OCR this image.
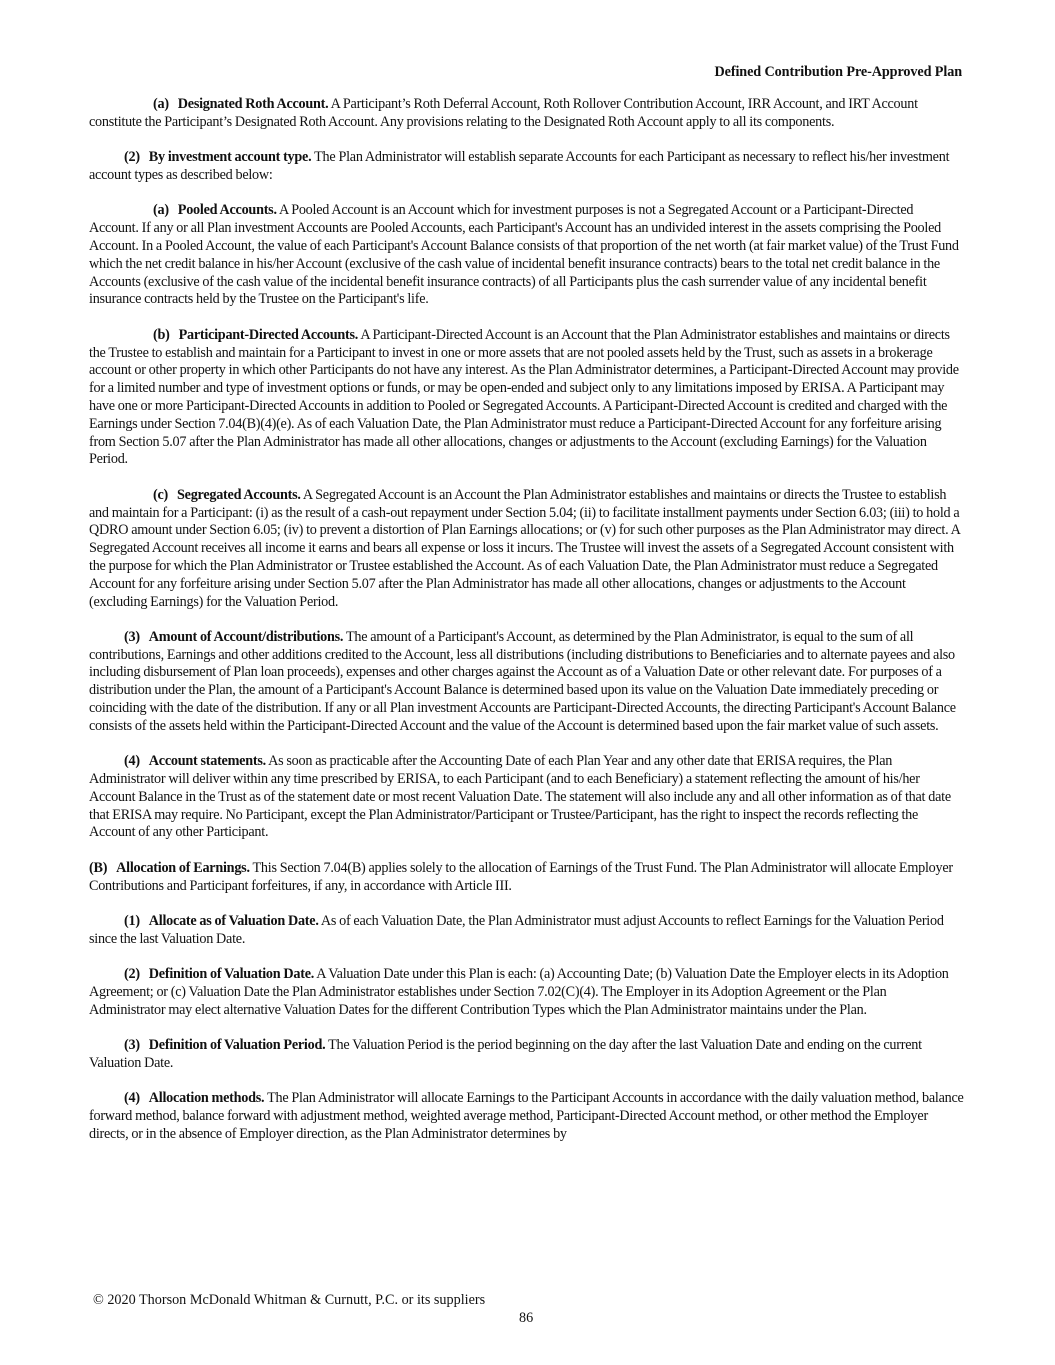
Defined Contribution Pre-Approved Plan

(a) Designated Roth Account. A Participant’s Roth Deferral Account, Roth Rollover Contribution Account, IRR Account, and IRT Account constitute the Participant’s Designated Roth Account. Any provisions relating to the Designated Roth Account apply to all its components.

(2) By investment account type. The Plan Administrator will establish separate Accounts for each Participant as necessary to reflect his/her investment account types as described below:

(a) Pooled Accounts. A Pooled Account is an Account which for investment purposes is not a Segregated Account or a Participant-Directed Account. If any or all Plan investment Accounts are Pooled Accounts, each Participant's Account has an undivided interest in the assets comprising the Pooled Account. In a Pooled Account, the value of each Participant's Account Balance consists of that proportion of the net worth (at fair market value) of the Trust Fund which the net credit balance in his/her Account (exclusive of the cash value of incidental benefit insurance contracts) bears to the total net credit balance in the Accounts (exclusive of the cash value of the incidental benefit insurance contracts) of all Participants plus the cash surrender value of any incidental benefit insurance contracts held by the Trustee on the Participant's life.

(b) Participant-Directed Accounts. A Participant-Directed Account is an Account that the Plan Administrator establishes and maintains or directs the Trustee to establish and maintain for a Participant to invest in one or more assets that are not pooled assets held by the Trust, such as assets in a brokerage account or other property in which other Participants do not have any interest. As the Plan Administrator determines, a Participant-Directed Account may provide for a limited number and type of investment options or funds, or may be open-ended and subject only to any limitations imposed by ERISA. A Participant may have one or more Participant-Directed Accounts in addition to Pooled or Segregated Accounts. A Participant-Directed Account is credited and charged with the Earnings under Section 7.04(B)(4)(e). As of each Valuation Date, the Plan Administrator must reduce a Participant-Directed Account for any forfeiture arising from Section 5.07 after the Plan Administrator has made all other allocations, changes or adjustments to the Account (excluding Earnings) for the Valuation Period.

(c) Segregated Accounts. A Segregated Account is an Account the Plan Administrator establishes and maintains or directs the Trustee to establish and maintain for a Participant: (i) as the result of a cash-out repayment under Section 5.04; (ii) to facilitate installment payments under Section 6.03; (iii) to hold a QDRO amount under Section 6.05; (iv) to prevent a distortion of Plan Earnings allocations; or (v) for such other purposes as the Plan Administrator may direct. A Segregated Account receives all income it earns and bears all expense or loss it incurs. The Trustee will invest the assets of a Segregated Account consistent with the purpose for which the Plan Administrator or Trustee established the Account. As of each Valuation Date, the Plan Administrator must reduce a Segregated Account for any forfeiture arising under Section 5.07 after the Plan Administrator has made all other allocations, changes or adjustments to the Account (excluding Earnings) for the Valuation Period.

(3) Amount of Account/distributions. The amount of a Participant's Account, as determined by the Plan Administrator, is equal to the sum of all contributions, Earnings and other additions credited to the Account, less all distributions (including distributions to Beneficiaries and to alternate payees and also including disbursement of Plan loan proceeds), expenses and other charges against the Account as of a Valuation Date or other relevant date. For purposes of a distribution under the Plan, the amount of a Participant's Account Balance is determined based upon its value on the Valuation Date immediately preceding or coinciding with the date of the distribution. If any or all Plan investment Accounts are Participant-Directed Accounts, the directing Participant's Account Balance consists of the assets held within the Participant-Directed Account and the value of the Account is determined based upon the fair market value of such assets.

(4) Account statements. As soon as practicable after the Accounting Date of each Plan Year and any other date that ERISA requires, the Plan Administrator will deliver within any time prescribed by ERISA, to each Participant (and to each Beneficiary) a statement reflecting the amount of his/her Account Balance in the Trust as of the statement date or most recent Valuation Date. The statement will also include any and all other information as of that date that ERISA may require. No Participant, except the Plan Administrator/Participant or Trustee/Participant, has the right to inspect the records reflecting the Account of any other Participant.

(B) Allocation of Earnings. This Section 7.04(B) applies solely to the allocation of Earnings of the Trust Fund. The Plan Administrator will allocate Employer Contributions and Participant forfeitures, if any, in accordance with Article III.

(1) Allocate as of Valuation Date. As of each Valuation Date, the Plan Administrator must adjust Accounts to reflect Earnings for the Valuation Period since the last Valuation Date.

(2) Definition of Valuation Date. A Valuation Date under this Plan is each: (a) Accounting Date; (b) Valuation Date the Employer elects in its Adoption Agreement; or (c) Valuation Date the Plan Administrator establishes under Section 7.02(C)(4). The Employer in its Adoption Agreement or the Plan Administrator may elect alternative Valuation Dates for the different Contribution Types which the Plan Administrator maintains under the Plan.

(3) Definition of Valuation Period. The Valuation Period is the period beginning on the day after the last Valuation Date and ending on the current Valuation Date.

(4) Allocation methods. The Plan Administrator will allocate Earnings to the Participant Accounts in accordance with the daily valuation method, balance forward method, balance forward with adjustment method, weighted average method, Participant-Directed Account method, or other method the Employer directs, or in the absence of Employer direction, as the Plan Administrator determines by

© 2020 Thorson McDonald Whitman & Curnutt, P.C. or its suppliers
86
